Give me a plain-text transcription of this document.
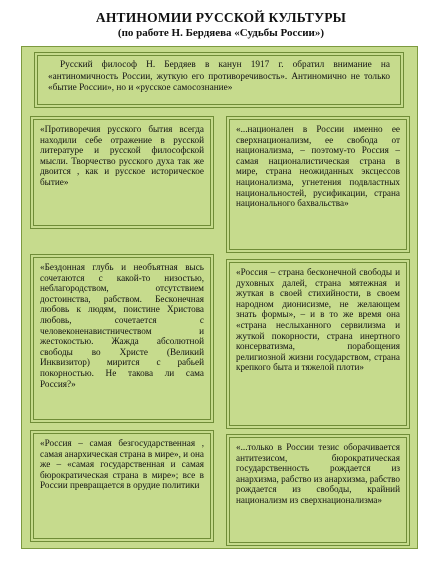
АНТИНОМИИ РУССКОЙ КУЛЬТУРЫ
(по работе Н. Бердяева «Судьбы России»)
Русский философ Н. Бердяев в канун 1917 г. обратил внимание на «антиномичность России, жуткую его противоречивость». Антиномично не только «бытие России», но и «русское самосознание»
«Противоречия русского бытия всегда находили себе отражение в русской литературе и русской философской мысли. Творчество русского духа так же двоится , как и русское историческое бытие»
«...национален в России именно ее сверхнационализм, ее свобода от национализма, – поэтому-то Россия – самая националистическая страна в мире, страна неожиданных эксцессов национализма, угнетения подвластных национальностей, русификации, страна национального бахвальства»
«Бездонная глубь и необъятная высь сочетаются с какой-то низостью, неблагородством, отсутствием достоинства, рабством. Бесконечная любовь к людям, поистине Христова любовь, сочетается с человеконенавистничеством и жестокостью. Жажда абсолютной свободы во Христе (Великий Инквизитор) мирится с рабьей покорностью. Не такова ли сама Россия?»
«Россия – страна бесконечной свободы и духовных далей, страна мятежная и жуткая в своей стихийности, в своем народном дионисизме, не желающем знать формы», – и в то же время она «страна неслыханного сервилизма и жуткой покорности, страна инертного консерватизма, порабощения религиозной жизни государством, страна крепкого быта и тяжелой плоти»
«Россия – самая безгосударственная , самая анархическая страна в мире», и она же – «самая государственная и самая бюрократическая страна в мире»; все в России превращается в орудие политики
«...только в России тезис оборачивается антитезисом, бюрократическая государственность рождается из анархизма, рабство из анархизма, рабство рождается из свободы, крайний национализм из сверхнационализма»
